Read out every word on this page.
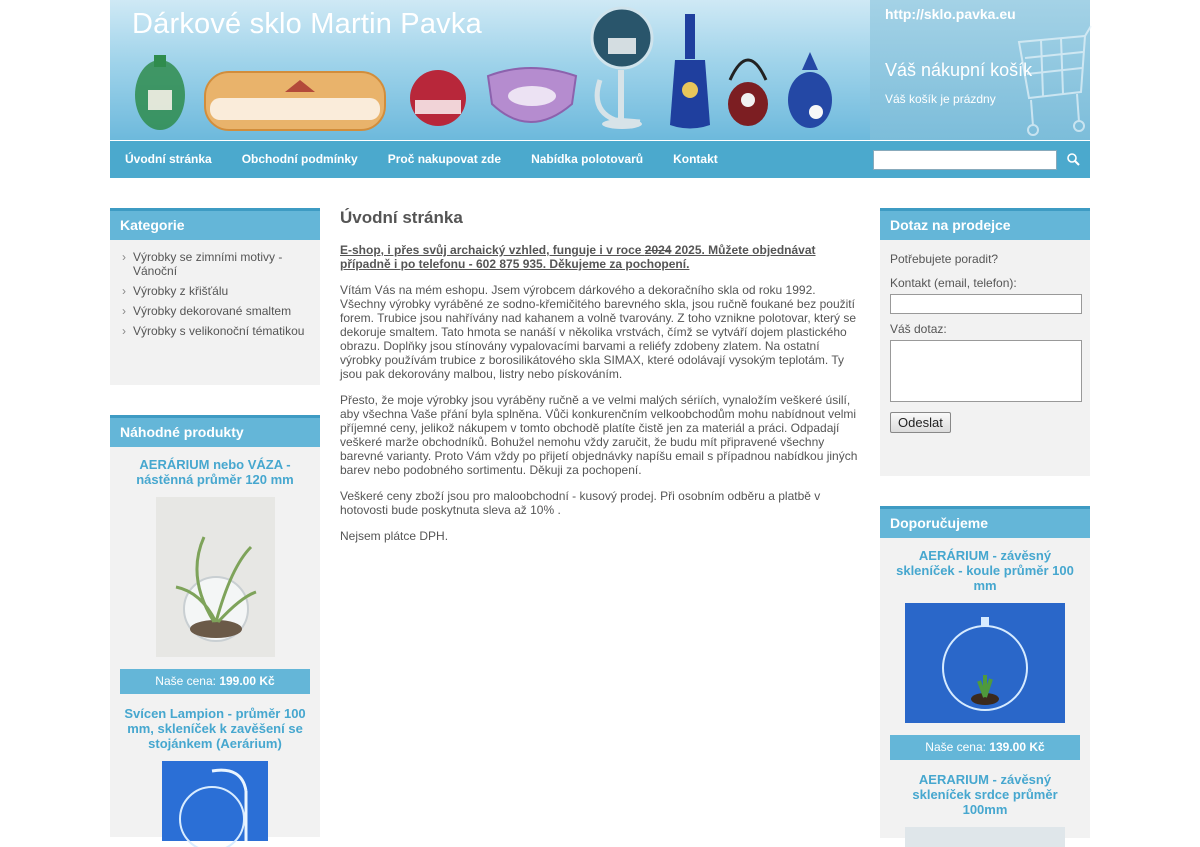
Dárkové sklo Martin Pavka	http://sklo.pavka.eu
Váš nákupní košík
Váš košík je prázdny
Úvodní stránka	Obchodní podmínky	Proč nakupovat zde	Nabídka polotovarů	Kontakt
Kategorie
› Výrobky se zimními motivy - Vánoční
› Výrobky z křišťálu
› Výrobky dekorované smaltem
› Výrobky s velikonoční tématikou
Náhodné produkty
AERÁRIUM nebo VÁZA - nástěnná průměr 120 mm
Naše cena: 199.00 Kč
Svícen Lampion - průměr 100 mm, skleníček k zavěšení se stojánkem (Aerárium)
Úvodní stránka

E-shop, i přes svůj archaický vzhled, funguje i v roce 2024 2025. Můžete objednávat případně i po telefonu - 602 875 935. Děkujeme za pochopení.

Vítám Vás na mém eshopu. Jsem výrobcem dárkového a dekoračního skla od roku 1992. Všechny výrobky vyráběné ze sodno-křemičitého barevného skla, jsou ručně foukané bez použití forem. Trubice jsou nahřívány nad kahanem a volně tvarovány. Z toho vznikne polotovar, který se dekoruje smaltem. Tato hmota se nanáší v několika vrstvách, čímž se vytváří dojem plastického obrazu. Doplňky jsou stínovány vypalovacími barvami a reliéfy zdobeny zlatem. Na ostatní výrobky používám trubice z borosilikátového skla SIMAX, které odolávají vysokým teplotám. Ty jsou pak dekorovány malbou, listry nebo pískováním.

Přesto, že moje výrobky jsou vyráběny ručně a ve velmi malých sériích, vynaložím veškeré úsilí, aby všechna Vaše přání byla splněna. Vůči konkurenčním velkoobchodům mohu nabídnout velmi příjemné ceny, jelikož nákupem v tomto obchodě platíte čistě jen za materiál a práci. Odpadají veškeré marže obchodníků. Bohužel nemohu vždy zaručit, že budu mít připravené všechny barevné varianty. Proto Vám vždy po přijetí objednávky napíšu email s případnou nabídkou jiných barev nebo podobného sortimentu. Děkuji za pochopení.

Veškeré ceny zboží jsou pro maloobchodní - kusový prodej. Při osobním odběru a platbě v hotovosti bude poskytnuta sleva až 10% .

Nejsem plátce DPH.

Dotaz na prodejce
Potřebujete poradit?
Kontakt (email, telefon):
Váš dotaz:
Odeslat
Doporučujeme
AERÁRIUM - závěsný skleníček - koule průměr 100 mm
Naše cena: 139.00 Kč
AERARIUM - závěsný skleníček srdce průměr 100mm
